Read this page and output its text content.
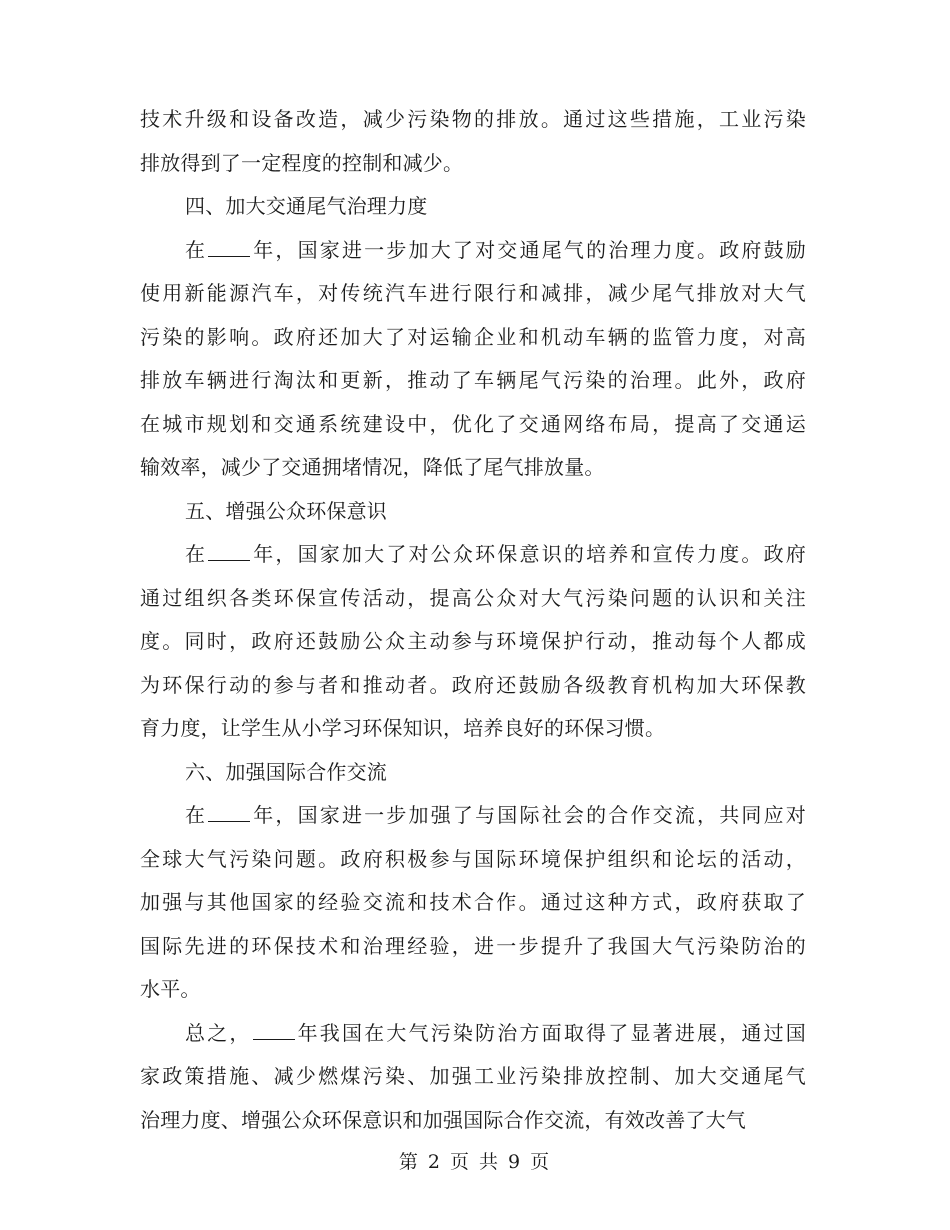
技术升级和设备改造，减少污染物的排放。通过这些措施，工业污染
排放得到了一定程度的控制和减少。
四、加大交通尾气治理力度
在 年，国家进一步加大了对交通尾气的治理力度。政府鼓励
使用新能源汽车，对传统汽车进行限行和减排，减少尾气排放对大气
污染的影响。政府还加大了对运输企业和机动车辆的监管力度，对高
排放车辆进行淘汰和更新，推动了车辆尾气污染的治理。此外，政府
在城市规划和交通系统建设中，优化了交通网络布局，提高了交通运
输效率，减少了交通拥堵情况，降低了尾气排放量。
五、增强公众环保意识
在 年，国家加大了对公众环保意识的培养和宣传力度。政府
通过组织各类环保宣传活动，提高公众对大气污染问题的认识和关注
度。同时，政府还鼓励公众主动参与环境保护行动，推动每个人都成
为环保行动的参与者和推动者。政府还鼓励各级教育机构加大环保教
育力度，让学生从小学习环保知识，培养良好的环保习惯。
六、加强国际合作交流
在 年，国家进一步加强了与国际社会的合作交流，共同应对
全球大气污染问题。政府积极参与国际环境保护组织和论坛的活动，
加强与其他国家的经验交流和技术合作。通过这种方式，政府获取了
国际先进的环保技术和治理经验，进一步提升了我国大气污染防治的
水平。
总之， 年我国在大气污染防治方面取得了显著进展，通过国
家政策措施、减少燃煤污染、加强工业污染排放控制、加大交通尾气
治理力度、增强公众环保意识和加强国际合作交流，有效改善了大气
第 2 页 共 9 页
